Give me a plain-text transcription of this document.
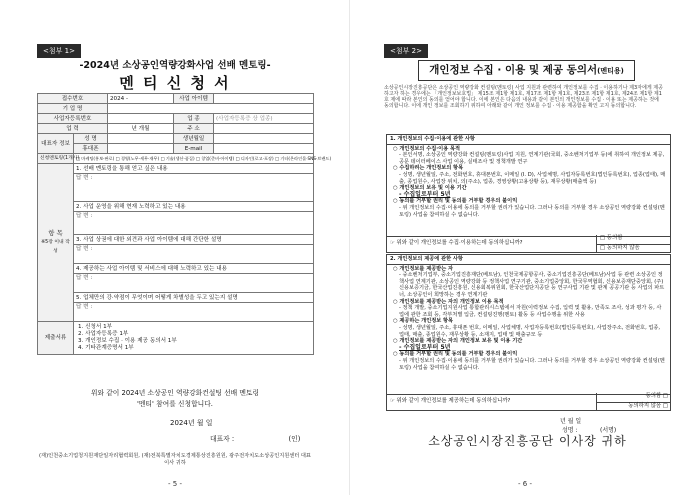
<첨부 1>
-2024년 소상공인역량강화사업 선배 멘토링-
멘 티 신 청 서
접수번호		2024 -	사업 아이템	
기 업 명				
사업자등록번호			업 종	(사업자등록증 상 업종)
업 력		년 개월	주 소	
대표자 정보	성 명		생년월일	
	휴대폰		E-mail	
신청멘토링(1개사)	□ 마케팅(홍보·판로) □ 경영(노무·세무·재무) □ 기술(생산·품질) □ 창업(준비·아이템) □ 디자인(로고·포장) □ 기타(온라인몰·SNS·브랜드)			

항 목
※5장 이내 작성	1. 선배 멘토링을 통해 얻고 싶은 내용			
	답 변 :			
	2. 사업 운영을 위해 현재 노력하고 있는 내용			
	답 변 :			
	3. 사업 상권에 대한 외견과 사업 아이템에 대해 간단한 설명			
	답 변 :			
	4. 제공하는 사업 아이템 및 서비스에 대해 노력하고 있는 내용			
	답 변 :			
	5. 업체만의 강·약점이 무엇이며 어떻게 차별성을 두고 있는지 설명			
	답 변 :			
제출서류	1. 신청서 1부
2. 사업자등록증 1부
3. 개인정보 수집 · 이용 제공 동의서 1부
4. 기타관계증명서 1부			
위와 같이 2024년 소상공인 역량강화컨설팅 선배 멘토링
'멘티' 참여를 신청합니다.
2024년 월 일
대표자 :	(인)
(재)인천중소기업청지원재단일자리협력회원, (재)전북특별자치도경제통상진흥원원, 광주전자치도소상공인지원센터 대표이사 귀하
- 5 -
<첨부 2>
개인정보 수집 · 이용 및 제공 동의서(멘티용)
소상공인시장진흥공단은 소상공인 역량강화 컨설팅(멘토링) 사업 지원과 관련하여 개인정보를 수집 · 이용하기나 제3자에게 제공하고자 하는 경우에는 「개인정보보호법」 제15조 제1항 제1호, 제17조 제1항 제1호, 제23조 제1항 제1호, 제24조 제1항 제1호 제에 따라 본인의 동의를 얻어야 합니다. 이에 본인은 다음의 내용과 같이 본인의 개인정보를 수집 · 이용 또는 제공하는 것에 동의합니다. 이에 개인 정보를 조회하기 위하여 아래와 같이 개인 정보를 수집 · 이용 제공함을 확인 고지 동의합니다.
1. 개인정보의 수집·이용에 관한 사항
○ 개인정보의 수집·이용 목적
- 본인서명, 소상공인 역량강화 컨설팅(멘토링)사업 지원, 연계기관(국회, 중소벤처기업부 등)에 취하여 개인정보 제공, 공문 데이터베이스 사업 이용, 실태조사 및 정책개발 연구
○ 수집하려는 개인정보의 항목
- 성명, 생년월일, 주소, 전화번호, 휴대폰번호, 이메일 (I. D), 사업체명, 사업자등록번호(법인등록번호), 업종(업태), 매출, 종업원수, 사업장 위치, 의(주소), 업종, 경영상황(고용상황 등), 재무상황(매출액 등)
○ 개인정보의 보유 및 이용 기간
- 수집일로부터 5년
○ 동의를 거부할 권리 및 동의를 거부할 경우의 불이익
- 위 개인정보의 수집·이용에 동의를 거부할 권리가 있습니다. 그러나 동의를 거부할 경우 소상공인 역량강화 컨설팅(멘토링) 사업을 참여하실 수 없습니다.
☞ 위와 같이 개인정보를 수집·이용하는데 동의하십니까?
□ 동의함
□ 동의하지 않음
2. 개인정보의 제공에 관한 사항
○ 개인정보를 제공받는 자
- 중소벤처기업부, 중소기업진흥재단(베트남), 인천국제공항공사, 중소기업진흥공단(베트남)사업 등 관련 소상공인 정책사업 연계기관, 소상공인 역량강화 등 정책사업 연구기관, 중소기업중앙회, 한국무역협회, 신용보증재단중앙회, (주)신용보증기금, 한국산업진흥원, 신용회복위원회, 한국산업단지공단 등 연구사업 기관 및 관계 공공기관 등 사업의 파트너, 소상공인이 희망하는 경우 연계기관
○ 개인정보를 제공받는 자의 개인정보 이용 목적
- 정책 개발, 중소기업지원사업 통합관리시스템에서 자원(이력정보 수집, 입력 및 활용, 만족도 조사, 성과 평가 등, 사업에 관한 조회 등, 각부처별 입금, 컨설팅진행(멘토) 활동 등 사업수행을 위한 사용
○ 제공하는 개인정보 항목
- 성명, 생년월일, 주소, 휴대폰 번호, 이메일, 사업체명, 사업자등록번호(법인등록번호), 사업장주소, 전화번호, 업종, 업태, 매출, 종업원수, 재무상황 등, 소재지, 업태 및 매출규모 등
○ 개인정보를 제공받는 자의 개인정보 보유 및 이용 기간
- 수집일로부터 5년
○ 동의를 거부할 권리 및 동의를 거부할 경우의 불이익
- 위 개인정보의 수집·이용에 동의를 거부할 권리가 있습니다. 그러나 동의를 거부할 경우 소상공인 역량강화 컨설팅(멘토링) 사업을 참여하실 수 없습니다.
☞ 위와 같이 개인정보를 제공하는데 동의하십니까?
동의함 □
동의하지 않음 □
년 월 일
성명 :	(서명)
소상공인시장진흥공단 이사장 귀하
- 6 -
